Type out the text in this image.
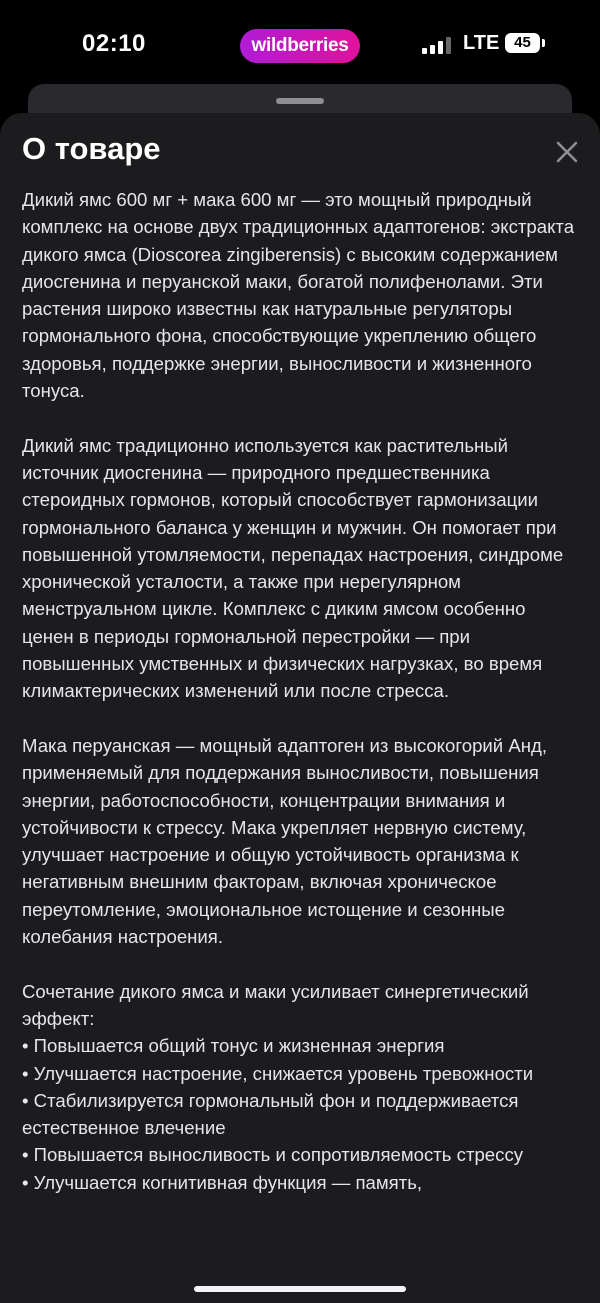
02:10	wildberries	LTE 45
О товаре

Дикий ямс 600 мг + мака 600 мг — это мощный природный комплекс на основе двух традиционных адаптогенов: экстракта дикого ямса (Dioscorea zingiberensis) с высоким содержанием диосгенина и перуанской маки, богатой полифенолами. Эти растения широко известны как натуральные регуляторы гормонального фона, способствующие укреплению общего здоровья, поддержке энергии, выносливости и жизненного тонуса.

Дикий ямс традиционно используется как растительный источник диосгенина — природного предшественника стероидных гормонов, который способствует гармонизации гормонального баланса у женщин и мужчин. Он помогает при повышенной утомляемости, перепадах настроения, синдроме хронической усталости, а также при нерегулярном менструальном цикле. Комплекс с диким ямсом особенно ценен в периоды гормональной перестройки — при повышенных умственных и физических нагрузках, во время климактерических изменений или после стресса.

Мака перуанская — мощный адаптоген из высокогорий Анд, применяемый для поддержания выносливости, повышения энергии, работоспособности, концентрации внимания и устойчивости к стрессу. Мака укрепляет нервную систему, улучшает настроение и общую устойчивость организма к негативным внешним факторам, включая хроническое переутомление, эмоциональное истощение и сезонные колебания настроения.

Сочетание дикого ямса и маки усиливает синергетический эффект:
• Повышается общий тонус и жизненная энергия
• Улучшается настроение, снижается уровень тревожности
• Стабилизируется гормональный фон и поддерживается естественное влечение
• Повышается выносливость и сопротивляемость стрессу
• Улучшается когнитивная функция — память,
